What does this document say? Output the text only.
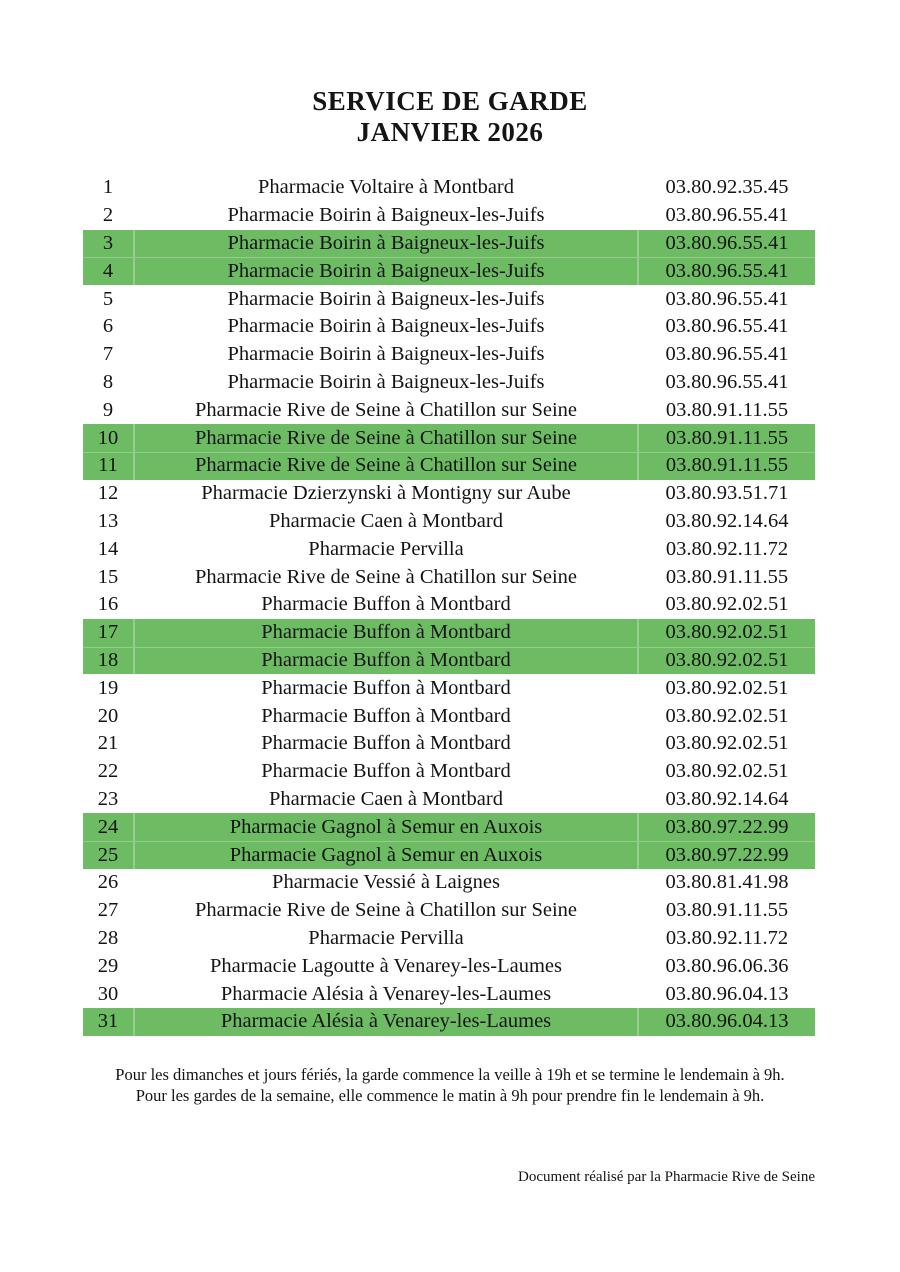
SERVICE DE GARDE
JANVIER 2026
1	Pharmacie Voltaire à Montbard	03.80.92.35.45
2	Pharmacie Boirin à Baigneux-les-Juifs	03.80.96.55.41
3	Pharmacie Boirin à Baigneux-les-Juifs	03.80.96.55.41
4	Pharmacie Boirin à Baigneux-les-Juifs	03.80.96.55.41
5	Pharmacie Boirin à Baigneux-les-Juifs	03.80.96.55.41
6	Pharmacie Boirin à Baigneux-les-Juifs	03.80.96.55.41
7	Pharmacie Boirin à Baigneux-les-Juifs	03.80.96.55.41
8	Pharmacie Boirin à Baigneux-les-Juifs	03.80.96.55.41
9	Pharmacie Rive de Seine à Chatillon sur Seine	03.80.91.11.55
10	Pharmacie Rive de Seine à Chatillon sur Seine	03.80.91.11.55
11	Pharmacie Rive de Seine à Chatillon sur Seine	03.80.91.11.55
12	Pharmacie Dzierzynski à Montigny sur Aube	03.80.93.51.71
13	Pharmacie Caen à Montbard	03.80.92.14.64
14	Pharmacie Pervilla	03.80.92.11.72
15	Pharmacie Rive de Seine à Chatillon sur Seine	03.80.91.11.55
16	Pharmacie Buffon à Montbard	03.80.92.02.51
17	Pharmacie Buffon à Montbard	03.80.92.02.51
18	Pharmacie Buffon à Montbard	03.80.92.02.51
19	Pharmacie Buffon à Montbard	03.80.92.02.51
20	Pharmacie Buffon à Montbard	03.80.92.02.51
21	Pharmacie Buffon à Montbard	03.80.92.02.51
22	Pharmacie Buffon à Montbard	03.80.92.02.51
23	Pharmacie Caen à Montbard	03.80.92.14.64
24	Pharmacie Gagnol à Semur en Auxois	03.80.97.22.99
25	Pharmacie Gagnol à Semur en Auxois	03.80.97.22.99
26	Pharmacie Vessié à Laignes	03.80.81.41.98
27	Pharmacie Rive de Seine à Chatillon sur Seine	03.80.91.11.55
28	Pharmacie Pervilla	03.80.92.11.72
29	Pharmacie Lagoutte à Venarey-les-Laumes	03.80.96.06.36
30	Pharmacie Alésia à Venarey-les-Laumes	03.80.96.04.13
31	Pharmacie Alésia à Venarey-les-Laumes	03.80.96.04.13
Pour les dimanches et jours fériés, la garde commence la veille à 19h et se termine le lendemain à 9h.
Pour les gardes de la semaine, elle commence le matin à 9h pour prendre fin le lendemain à 9h.
Document réalisé par la Pharmacie Rive de Seine
